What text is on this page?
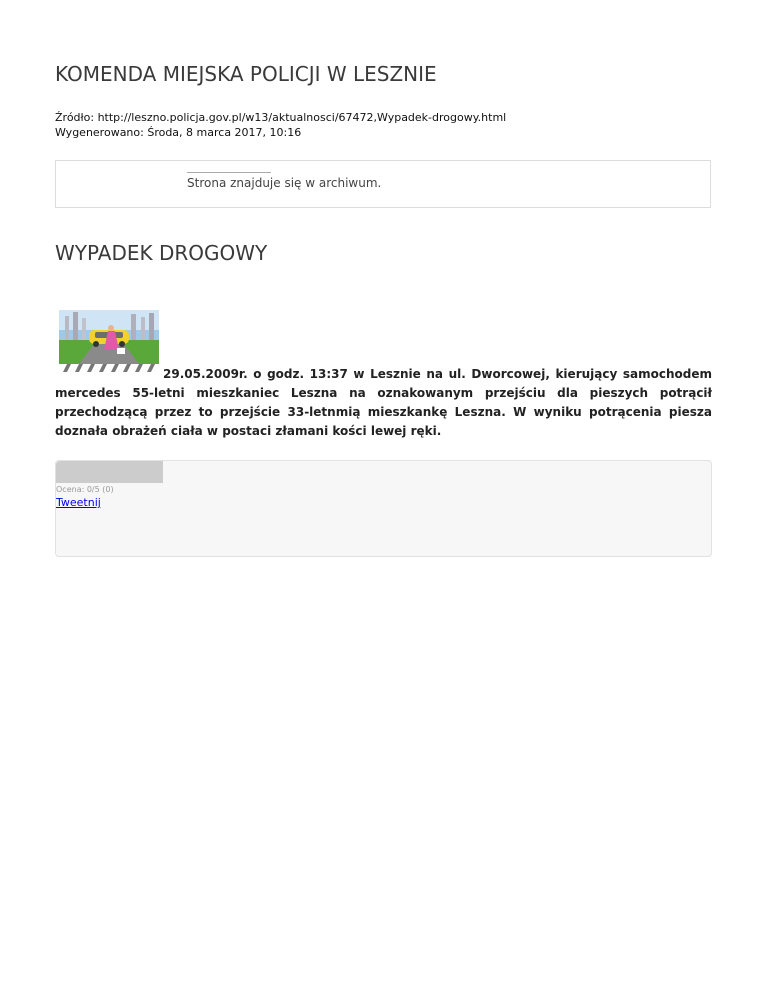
KOMENDA MIEJSKA POLICJI W LESZNIE
Źródło: http://leszno.policja.gov.pl/w13/aktualnosci/67472,Wypadek-drogowy.html
Wygenerowano: Środa, 8 marca 2017, 10:16
Strona znajduje się w archiwum.
WYPADEK DROGOWY

29.05.2009r. o godz. 13:37 w Lesznie na ul. Dworcowej, kierujący samochodem mercedes 55-letni mieszkaniec Leszna na oznakowanym przejściu dla pieszych potrącił przechodzącą przez to przejście 33-letnmią mieszkankę Leszna. W wyniku potrącenia piesza doznała obrażeń ciała w postaci złamani kości lewej ręki.
Ocena: 0/5 (0)
Tweetnij
